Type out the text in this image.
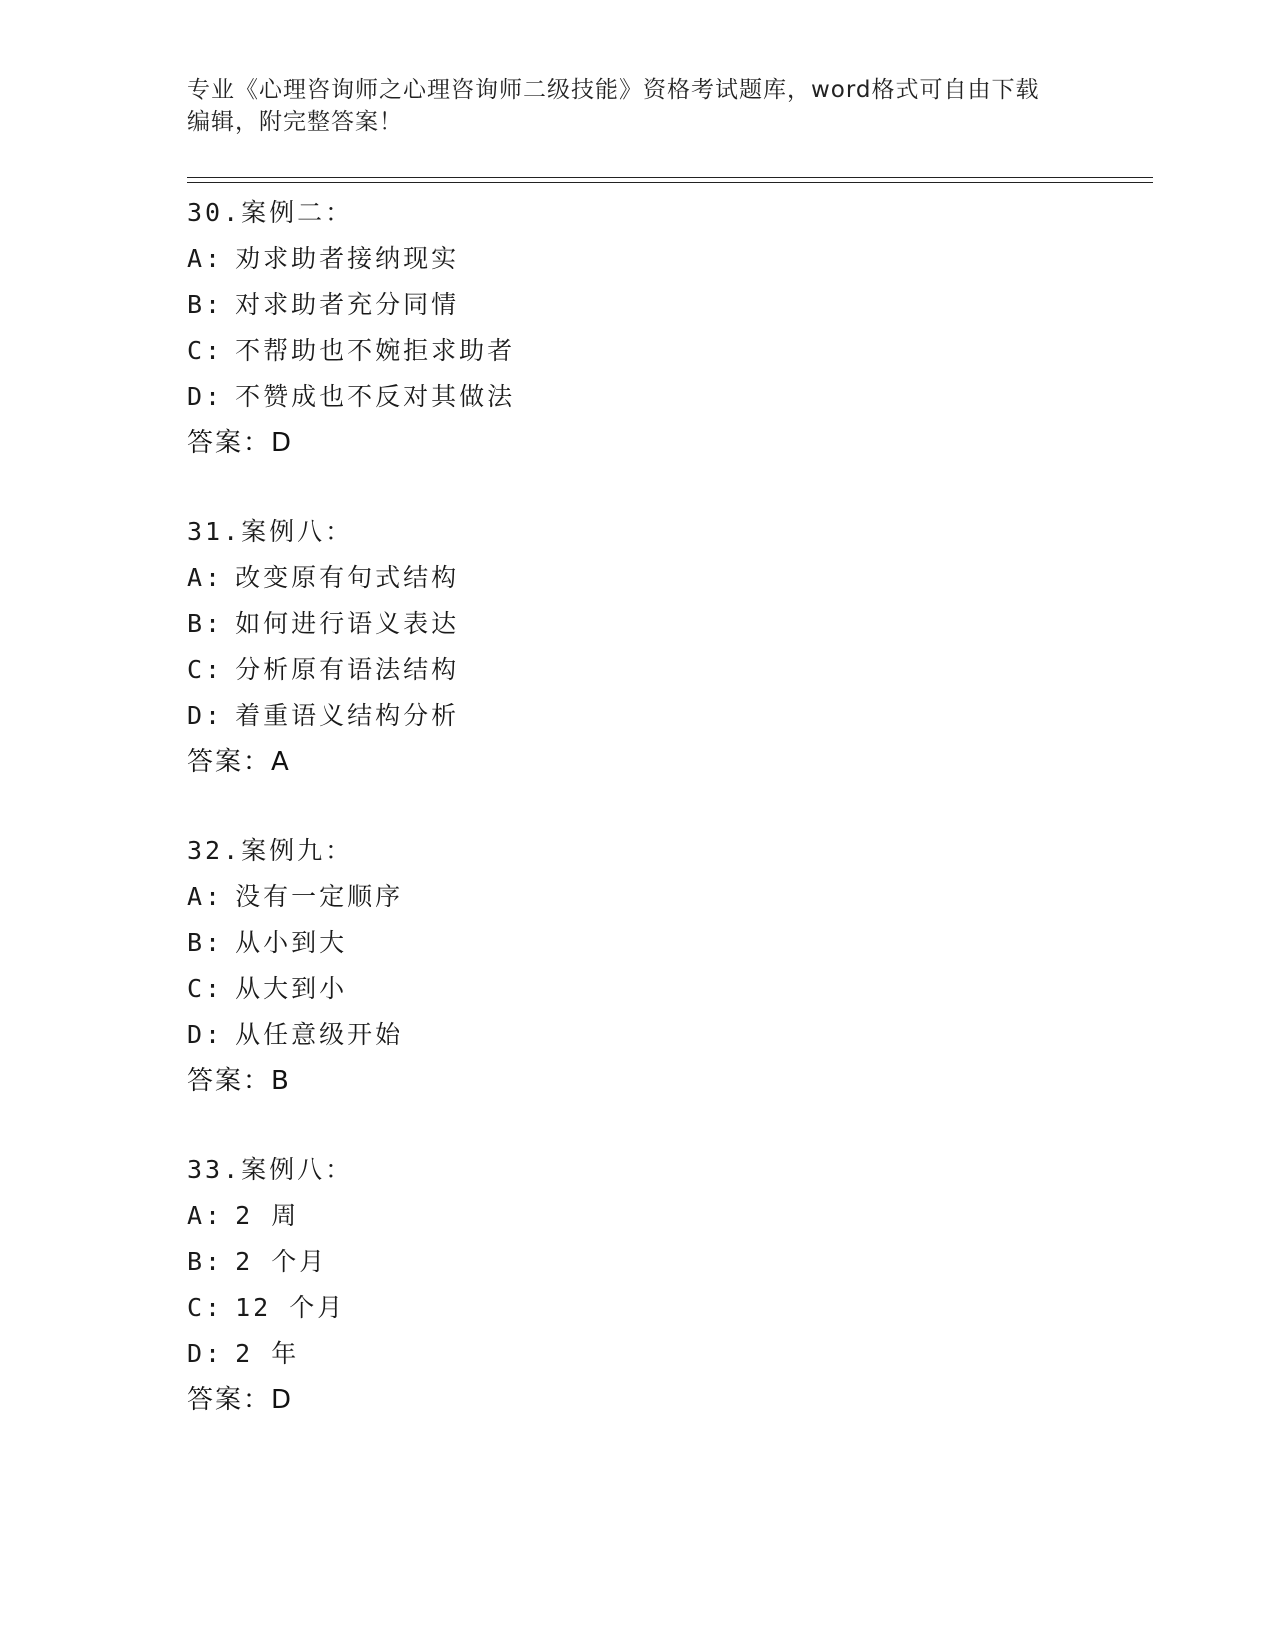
专业《心理咨询师之心理咨询师二级技能》资格考试题库，word格式可自由下载
编辑，附完整答案！
30.案例二：
A: 劝求助者接纳现实
B: 对求助者充分同情
C: 不帮助也不婉拒求助者
D: 不赞成也不反对其做法
答案：D
31.案例八：
A: 改变原有句式结构
B: 如何进行语义表达
C: 分析原有语法结构
D: 着重语义结构分析
答案：A
32.案例九：
A: 没有一定顺序
B: 从小到大
C: 从大到小
D: 从任意级开始
答案：B
33.案例八：
A: 2 周
B: 2 个月
C: 12 个月
D: 2 年
答案：D
